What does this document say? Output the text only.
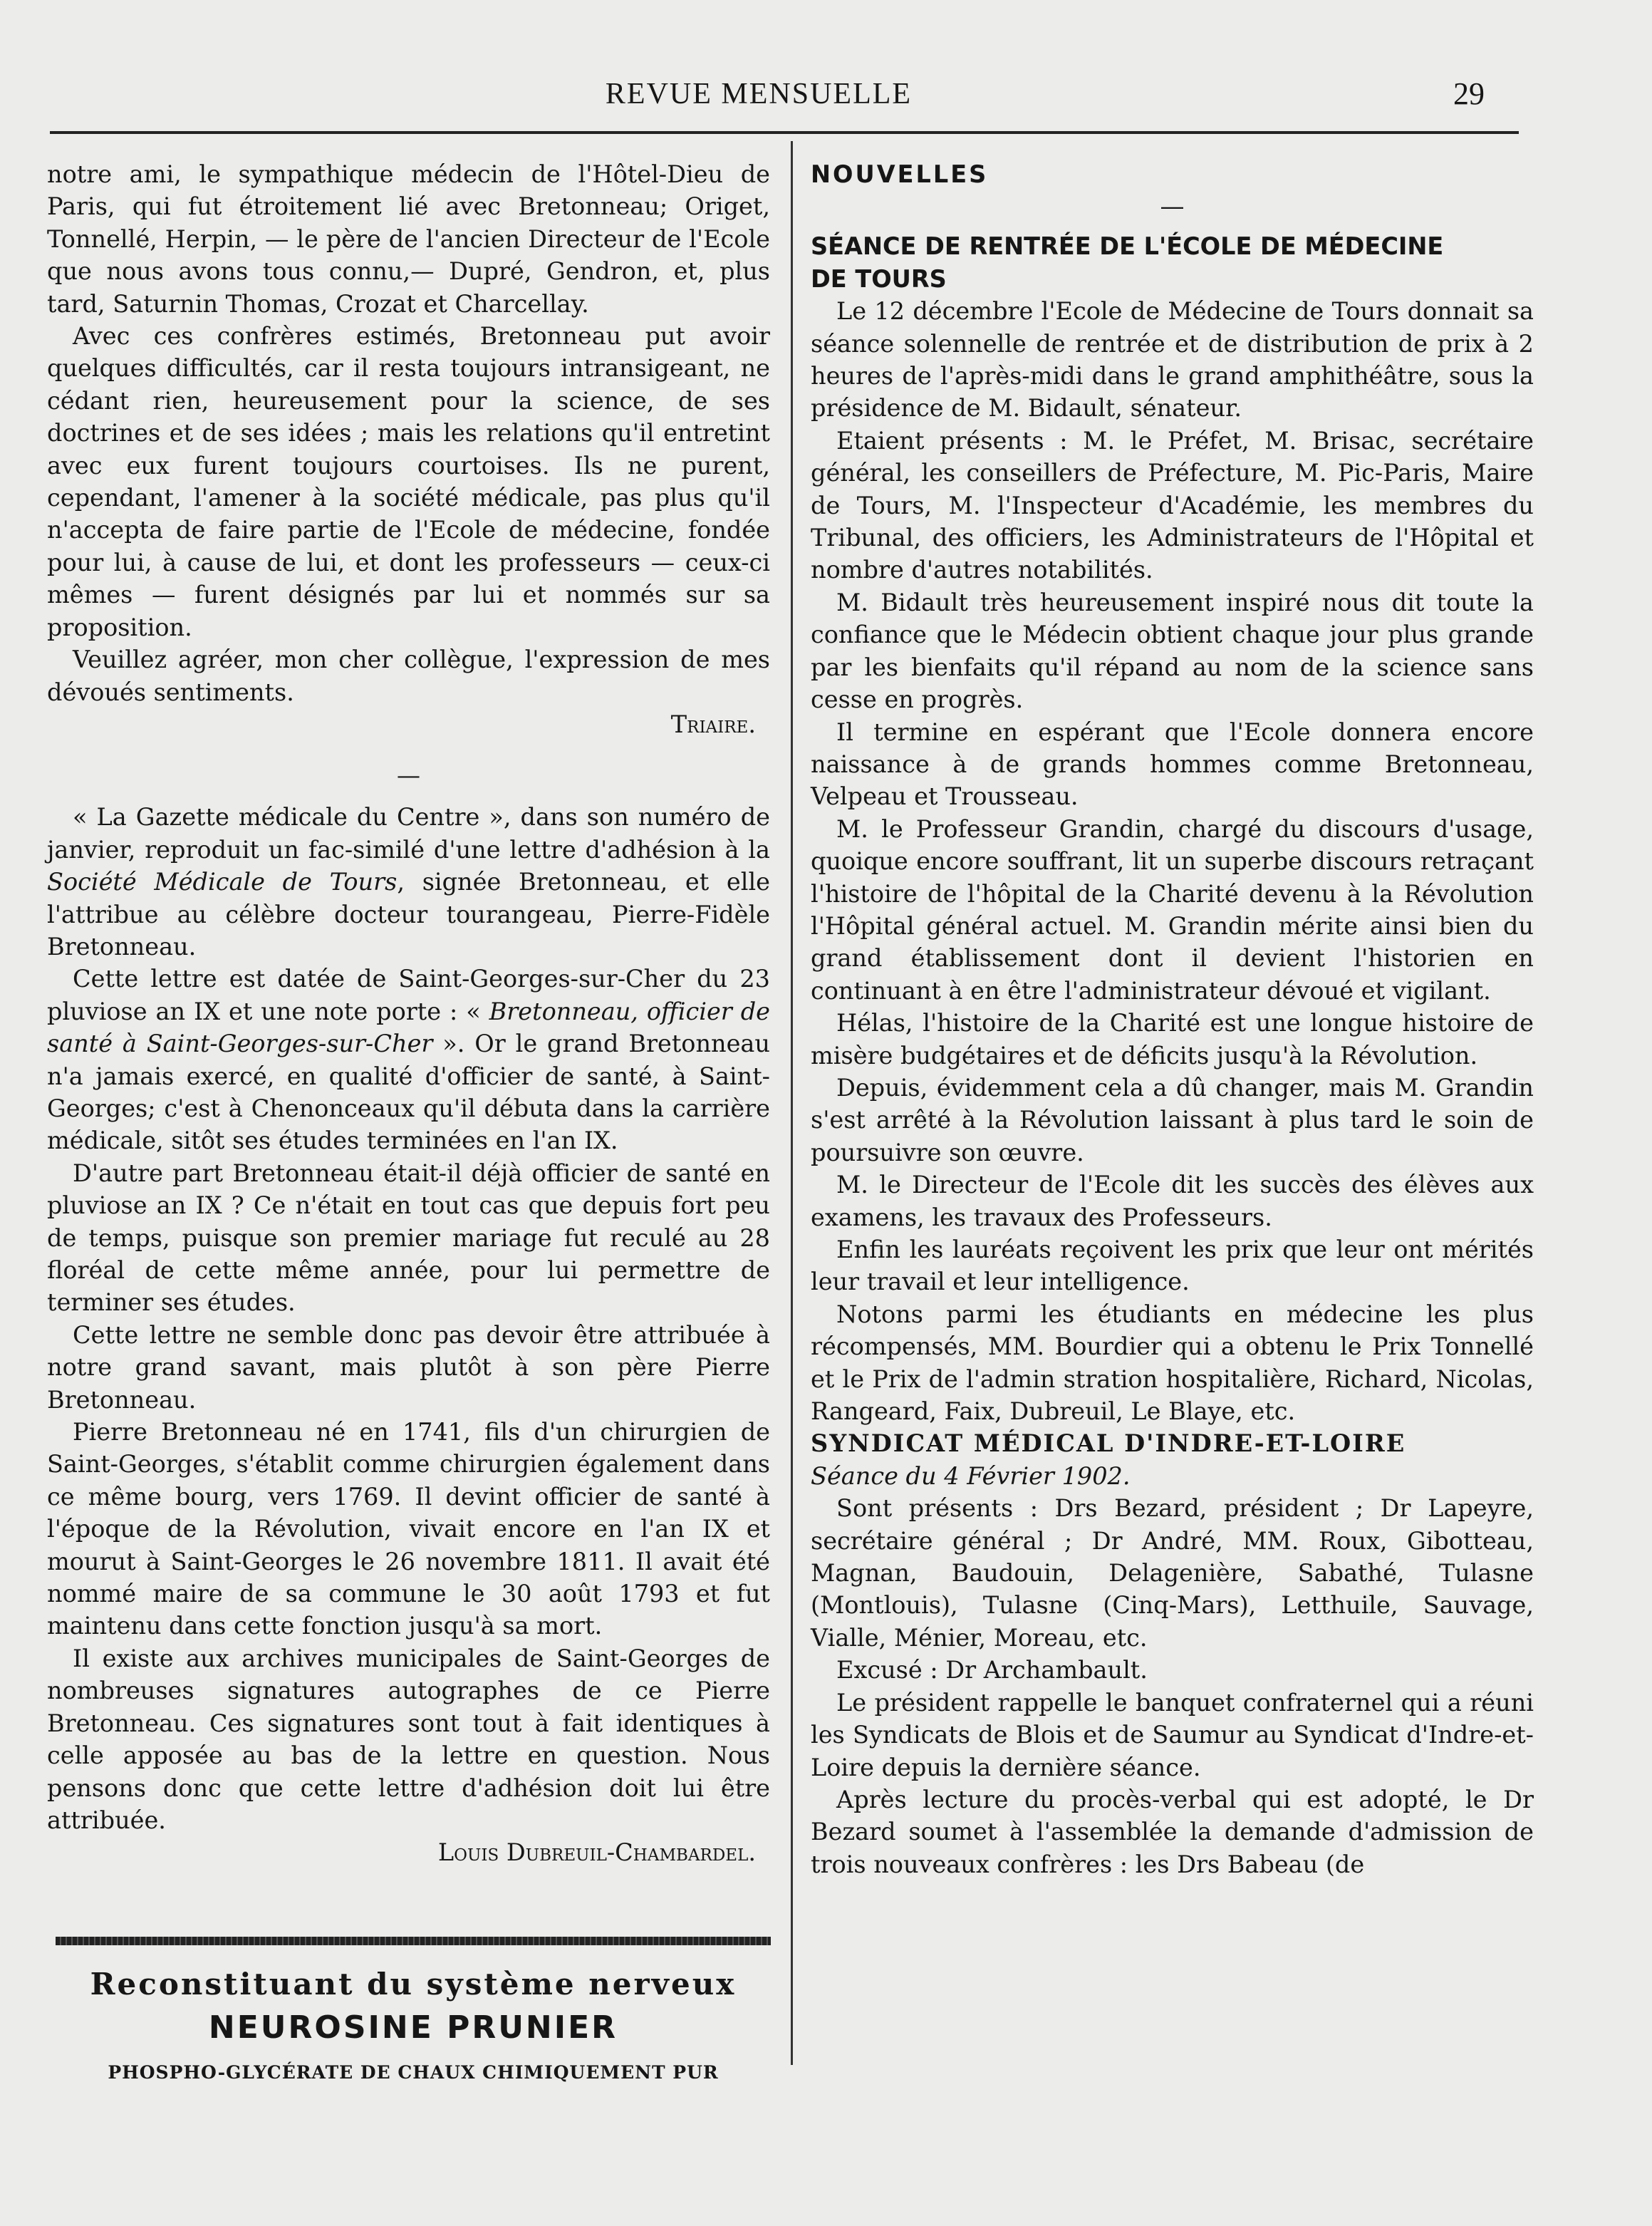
REVUE MENSUELLE	29

notre ami, le sympathique médecin de l'Hôtel-Dieu de Paris, qui fut étroitement lié avec Bretonneau; Origet, Tonnellé, Herpin, — le père de l'ancien Directeur de l'Ecole que nous avons tous connu,— Dupré, Gendron, et, plus tard, Saturnin Thomas, Crozat et Charcellay.

Avec ces confrères estimés, Bretonneau put avoir quelques difficultés, car il resta toujours intransigeant, ne cédant rien, heureusement pour la science, de ses doctrines et de ses idées ; mais les relations qu'il entretint avec eux furent toujours courtoises. Ils ne purent, cependant, l'amener à la société médicale, pas plus qu'il n'accepta de faire partie de l'Ecole de médecine, fondée pour lui, à cause de lui, et dont les professeurs — ceux-ci mêmes — furent désignés par lui et nommés sur sa proposition.

Veuillez agréer, mon cher collègue, l'expression de mes dévoués sentiments.

Triaire.

—

« La Gazette médicale du Centre », dans son numéro de janvier, reproduit un fac-similé d'une lettre d'adhésion à la Société Médicale de Tours, signée Bretonneau, et elle l'attribue au célèbre docteur tourangeau, Pierre-Fidèle Bretonneau.

Cette lettre est datée de Saint-Georges-sur-Cher du 23 pluviose an IX et une note porte : « Bretonneau, officier de santé à Saint-Georges-sur-Cher ». Or le grand Bretonneau n'a jamais exercé, en qualité d'officier de santé, à Saint-Georges; c'est à Chenonceaux qu'il débuta dans la carrière médicale, sitôt ses études terminées en l'an IX.

D'autre part Bretonneau était-il déjà officier de santé en pluviose an IX ? Ce n'était en tout cas que depuis fort peu de temps, puisque son premier mariage fut reculé au 28 floréal de cette même année, pour lui permettre de terminer ses études.

Cette lettre ne semble donc pas devoir être attribuée à notre grand savant, mais plutôt à son père Pierre Bretonneau.

Pierre Bretonneau né en 1741, fils d'un chirurgien de Saint-Georges, s'établit comme chirurgien également dans ce même bourg, vers 1769. Il devint officier de santé à l'époque de la Révolution, vivait encore en l'an IX et mourut à Saint-Georges le 26 novembre 1811. Il avait été nommé maire de sa commune le 30 août 1793 et fut maintenu dans cette fonction jusqu'à sa mort.

Il existe aux archives municipales de Saint-Georges de nombreuses signatures autographes de ce Pierre Bretonneau. Ces signatures sont tout à fait identiques à celle apposée au bas de la lettre en question. Nous pensons donc que cette lettre d'adhésion doit lui être attribuée.

Louis Dubreuil-Chambardel.

Reconstituant du système nerveux
NEUROSINE PRUNIER
PHOSPHO-GLYCÉRATE DE CHAUX CHIMIQUEMENT PUR

NOUVELLES

—

SÉANCE DE RENTRÉE DE L'ÉCOLE DE MÉDECINE
DE TOURS

Le 12 décembre l'Ecole de Médecine de Tours donnait sa séance solennelle de rentrée et de distribution de prix à 2 heures de l'après-midi dans le grand amphithéâtre, sous la présidence de M. Bidault, sénateur.

Etaient présents : M. le Préfet, M. Brisac, secrétaire général, les conseillers de Préfecture, M. Pic-Paris, Maire de Tours, M. l'Inspecteur d'Académie, les membres du Tribunal, des officiers, les Administrateurs de l'Hôpital et nombre d'autres notabilités.

M. Bidault très heureusement inspiré nous dit toute la confiance que le Médecin obtient chaque jour plus grande par les bienfaits qu'il répand au nom de la science sans cesse en progrès.

Il termine en espérant que l'Ecole donnera encore naissance à de grands hommes comme Bretonneau, Velpeau et Trousseau.

M. le Professeur Grandin, chargé du discours d'usage, quoique encore souffrant, lit un superbe discours retraçant l'histoire de l'hôpital de la Charité devenu à la Révolution l'Hôpital général actuel. M. Grandin mérite ainsi bien du grand établissement dont il devient l'historien en continuant à en être l'administrateur dévoué et vigilant.

Hélas, l'histoire de la Charité est une longue histoire de misère budgétaires et de déficits jusqu'à la Révolution.

Depuis, évidemment cela a dû changer, mais M. Grandin s'est arrêté à la Révolution laissant à plus tard le soin de poursuivre son œuvre.

M. le Directeur de l'Ecole dit les succès des élèves aux examens, les travaux des Professeurs.

Enfin les lauréats reçoivent les prix que leur ont mérités leur travail et leur intelligence.

Notons parmi les étudiants en médecine les plus récompensés, MM. Bourdier qui a obtenu le Prix Tonnellé et le Prix de l'admin stration hospitalière, Richard, Nicolas, Rangeard, Faix, Dubreuil, Le Blaye, etc.

SYNDICAT MÉDICAL D'INDRE-ET-LOIRE

Séance du 4 Février 1902.

Sont présents : Drs Bezard, président ; Dr Lapeyre, secrétaire général ; Dr André, MM. Roux, Gibotteau, Magnan, Baudouin, Delagenière, Sabathé, Tulasne (Montlouis), Tulasne (Cinq-Mars), Letthuile, Sauvage, Vialle, Ménier, Moreau, etc.

Excusé : Dr Archambault.

Le président rappelle le banquet confraternel qui a réuni les Syndicats de Blois et de Saumur au Syndicat d'Indre-et-Loire depuis la dernière séance.

Après lecture du procès-verbal qui est adopté, le Dr Bezard soumet à l'assemblée la demande d'admission de trois nouveaux confrères : les Drs Babeau (de
